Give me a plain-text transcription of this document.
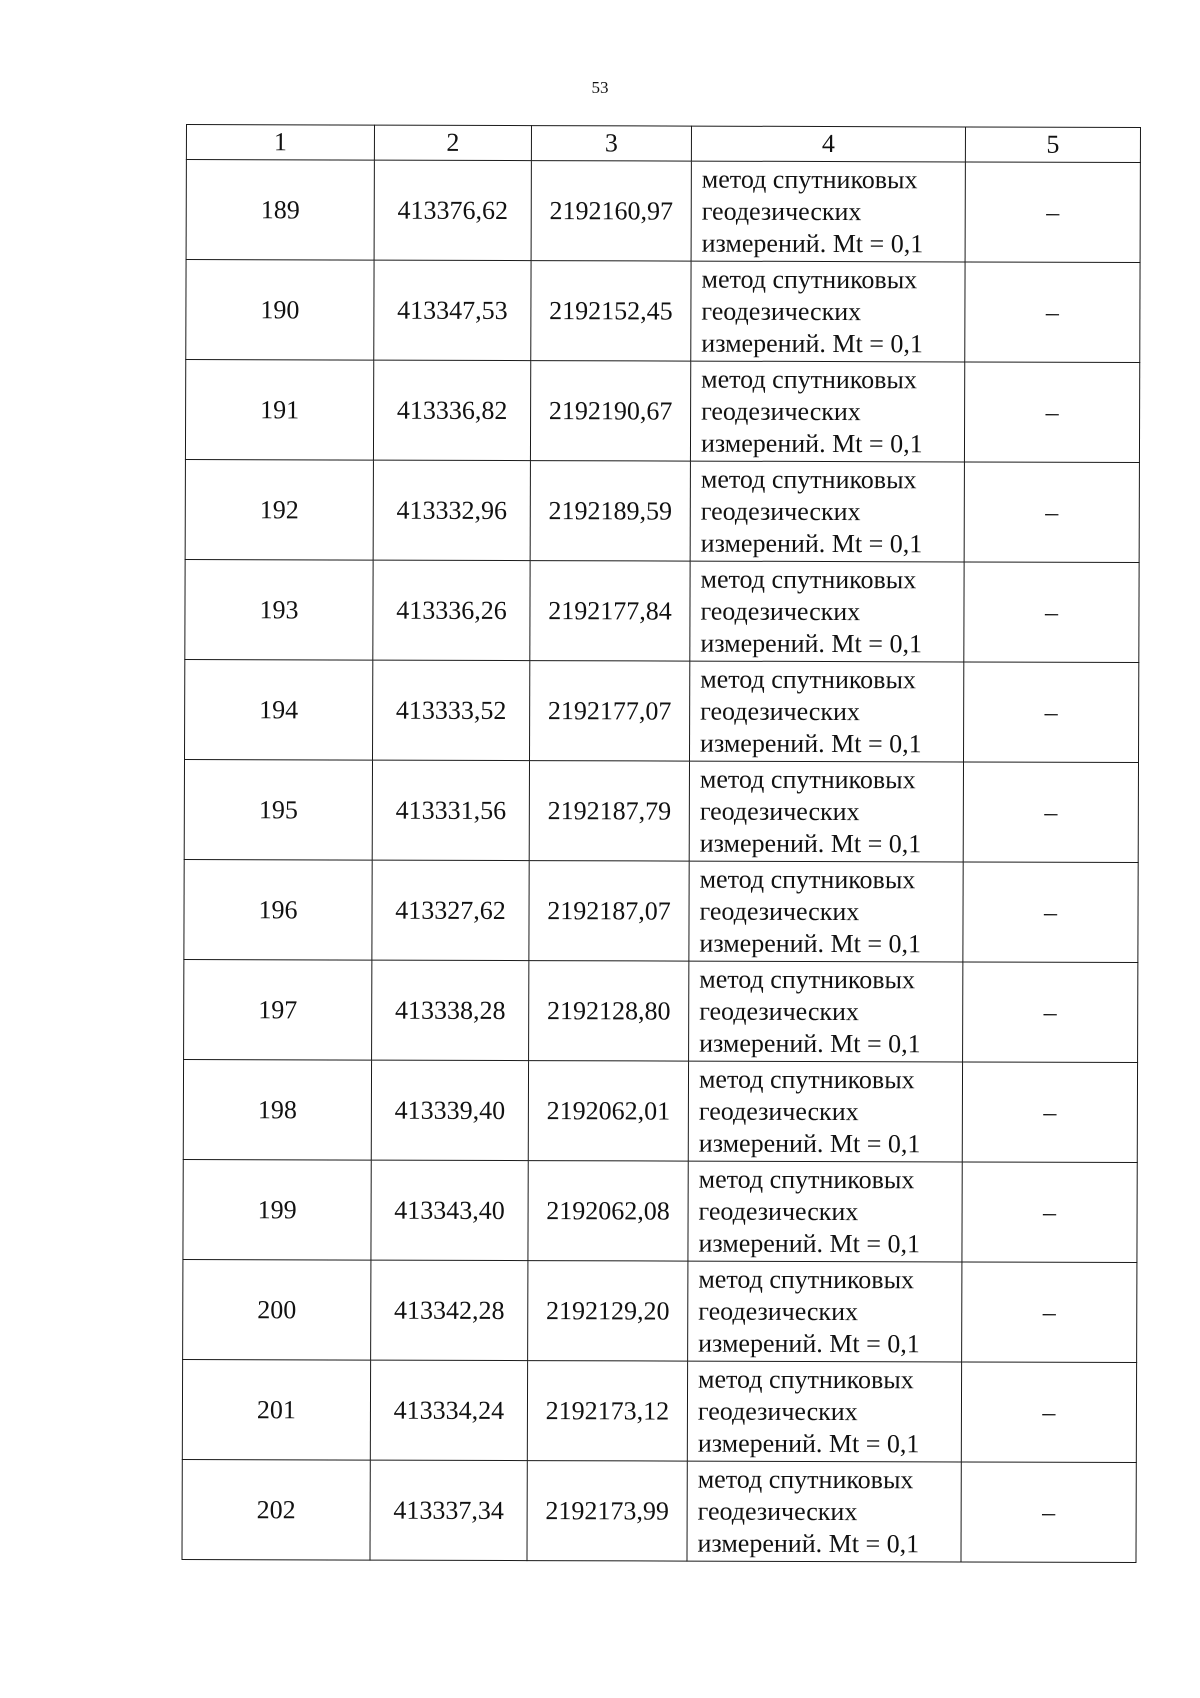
53
1	2	3	4	5
189	413376,62	2192160,97	метод спутниковых
геодезических
измерений. Mt = 0,1	–
190	413347,53	2192152,45	метод спутниковых
геодезических
измерений. Mt = 0,1	–
191	413336,82	2192190,67	метод спутниковых
геодезических
измерений. Mt = 0,1	–
192	413332,96	2192189,59	метод спутниковых
геодезических
измерений. Mt = 0,1	–
193	413336,26	2192177,84	метод спутниковых
геодезических
измерений. Mt = 0,1	–
194	413333,52	2192177,07	метод спутниковых
геодезических
измерений. Mt = 0,1	–
195	413331,56	2192187,79	метод спутниковых
геодезических
измерений. Mt = 0,1	–
196	413327,62	2192187,07	метод спутниковых
геодезических
измерений. Mt = 0,1	–
197	413338,28	2192128,80	метод спутниковых
геодезических
измерений. Mt = 0,1	–
198	413339,40	2192062,01	метод спутниковых
геодезических
измерений. Mt = 0,1	–
199	413343,40	2192062,08	метод спутниковых
геодезических
измерений. Mt = 0,1	–
200	413342,28	2192129,20	метод спутниковых
геодезических
измерений. Mt = 0,1	–
201	413334,24	2192173,12	метод спутниковых
геодезических
измерений. Mt = 0,1	–
202	413337,34	2192173,99	метод спутниковых
геодезических
измерений. Mt = 0,1	–
